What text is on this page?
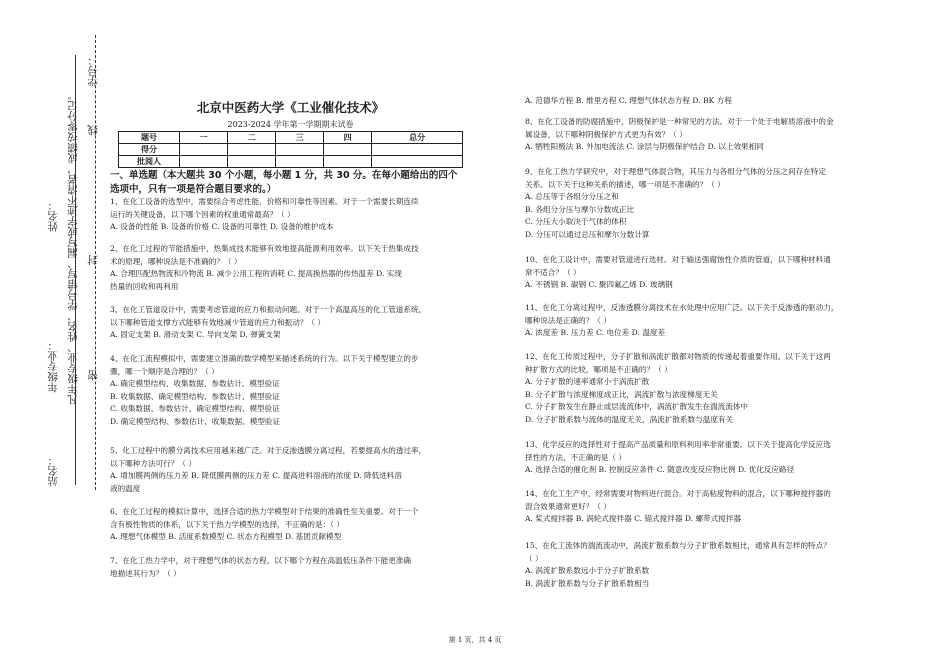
学号：
线
凡年级专业、姓名、学号错写、漏写或字迹不清者，成绩按零分记。 封
姓名：
年级专业：	密
站名：
北京中医药大学《工业催化技术》
2023-2024 学年第一学期期末试卷
题号	一	二	三	四	总分
得分					
批阅人					
一、单选题（本大题共 30 个小题，每小题 1 分，共 30 分。在每小题给出的四个
选项中，只有一项是符合题目要求的。）

1、在化工设备的选型中，需要综合考虑性能、价格和可靠性等因素。对于一个需要长期连续

运行的关键设备，以下哪个因素的权重通常最高？（ ）

A. 设备的性能 B. 设备的价格 C. 设备的可靠性 D. 设备的维护成本

2、在化工过程的节能措施中，热集成技术能够有效地提高能源利用效率。以下关于热集成技

术的原理，哪种说法是不准确的？（ ）

A. 合理匹配热物流和冷物流 B. 减少公用工程的消耗 C. 提高换热器的传热温差 D. 实现

热量的回收和再利用

3、在化工管道设计中，需要考虑管道的应力和振动问题。对于一个高温高压的化工管道系统，

以下哪种管道支撑方式能够有效地减少管道的应力和振动？（ ）

A. 固定支架 B. 滑动支架 C. 导向支架 D. 弹簧支架

4、在化工流程模拟中，需要建立准确的数学模型来描述系统的行为。以下关于模型建立的步

骤，哪一个顺序是合理的？（ ）

A. 确定模型结构、收集数据、参数估计、模型验证

B. 收集数据、确定模型结构、参数估计、模型验证

C. 收集数据、参数估计、确定模型结构、模型验证

D. 确定模型结构、参数估计、收集数据、模型验证

5、化工过程中的膜分离技术应用越来越广泛。对于反渗透膜分离过程，若要提高水的透过率，

以下哪种方法可行？（ ）

A. 增加膜两侧的压力差 B. 降低膜两侧的压力差 C. 提高进料溶液的浓度 D. 降低进料溶

液的温度

6、在化工过程的模拟计算中，选择合适的热力学模型对于结果的准确性至关重要。对于一个

含有极性物质的体系，以下关于热力学模型的选择，不正确的是：（ ）

A. 理想气体模型 B. 活度系数模型 C. 状态方程模型 D. 基团贡献模型

7、在化工热力学中，对于理想气体的状态方程，以下哪个方程在高温低压条件下能更准确

地描述其行为？（ ）

A. 范德华方程 B. 维里方程 C. 理想气体状态方程 D. BK 方程

8、在化工设备的防腐措施中，阴极保护是一种常见的方法。对于一个处于电解质溶液中的金

属设备，以下哪种阴极保护方式更为有效？（ ）

A. 牺牲阳极法 B. 外加电流法 C. 涂层与阴极保护结合 D. 以上效果相同

9、在化工热力学研究中，对于理想气体混合物，其压力与各组分气体的分压之间存在特定

关系。以下关于这种关系的描述，哪一项是不准确的？（ ）

A. 总压等于各组分分压之和

B. 各组分分压与摩尔分数成正比

C. 分压大小取决于气体的体积

D. 分压可以通过总压和摩尔分数计算

10、在化工设计中，需要对管道进行选材。对于输送强腐蚀性介质的管道，以下哪种材料通

常不适合？（ ）

A. 不锈钢 B. 碳钢 C. 聚四氟乙烯 D. 玻璃钢

11、在化工分离过程中，反渗透膜分离技术在水处理中应用广泛。以下关于反渗透的驱动力，

哪种说法是正确的？（ ）

A. 浓度差 B. 压力差 C. 电位差 D. 温度差

12、在化工传质过程中，分子扩散和涡流扩散都对物质的传递起着重要作用。以下关于这两

种扩散方式的比较，哪项是不正确的？（ ）

A. 分子扩散的速率通常小于涡流扩散

B. 分子扩散与浓度梯度成正比，涡流扩散与浓度梯度无关

C. 分子扩散发生在静止或层流流体中，涡流扩散发生在湍流流体中

D. 分子扩散系数与流体的温度无关，涡流扩散系数与温度有关

13、化学反应的选择性对于提高产品质量和原料利用率非常重要。以下关于提高化学反应选

择性的方法，不正确的是（ ）

A. 选择合适的催化剂 B. 控制反应条件 C. 随意改变反应物比例 D. 优化反应路径

14、在化工生产中，经常需要对物料进行混合。对于高粘度物料的混合，以下哪种搅拌器的

混合效果通常更好？（ ）

A. 桨式搅拌器 B. 涡轮式搅拌器 C. 锚式搅拌器 D. 螺带式搅拌器

15、在化工流体的湍流流动中，涡流扩散系数与分子扩散系数相比，通常具有怎样的特点？

（ ）

A. 涡流扩散系数远小于分子扩散系数

B. 涡流扩散系数与分子扩散系数相当

第 1 页，共 4 页
